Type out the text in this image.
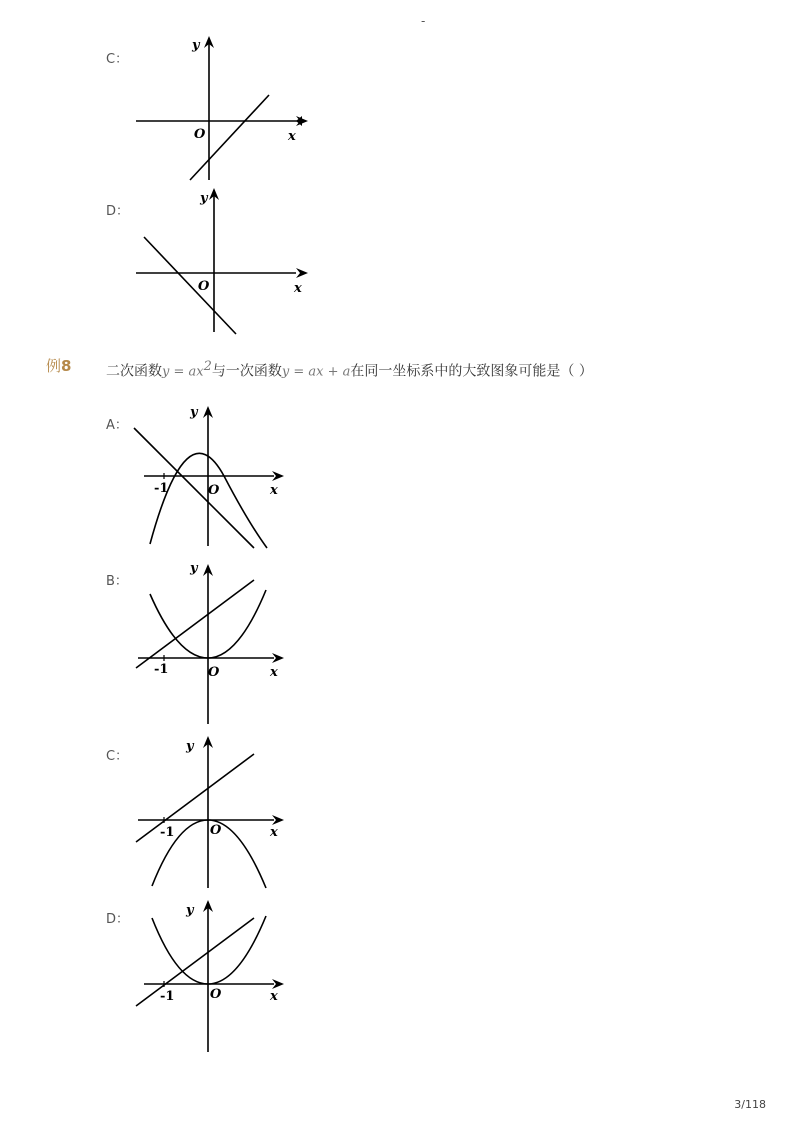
-
C：
y
O	x
D：
y
O	x
例8 二次函数$y = ax^2$与一次函数y = ax + a在同一坐标系中的大致图象可能是（ ）
A：
y
-1	O	x
B：
y
-1	O	x
C：
y
-1	O	x
D：
y
-1	O	x
3/118
